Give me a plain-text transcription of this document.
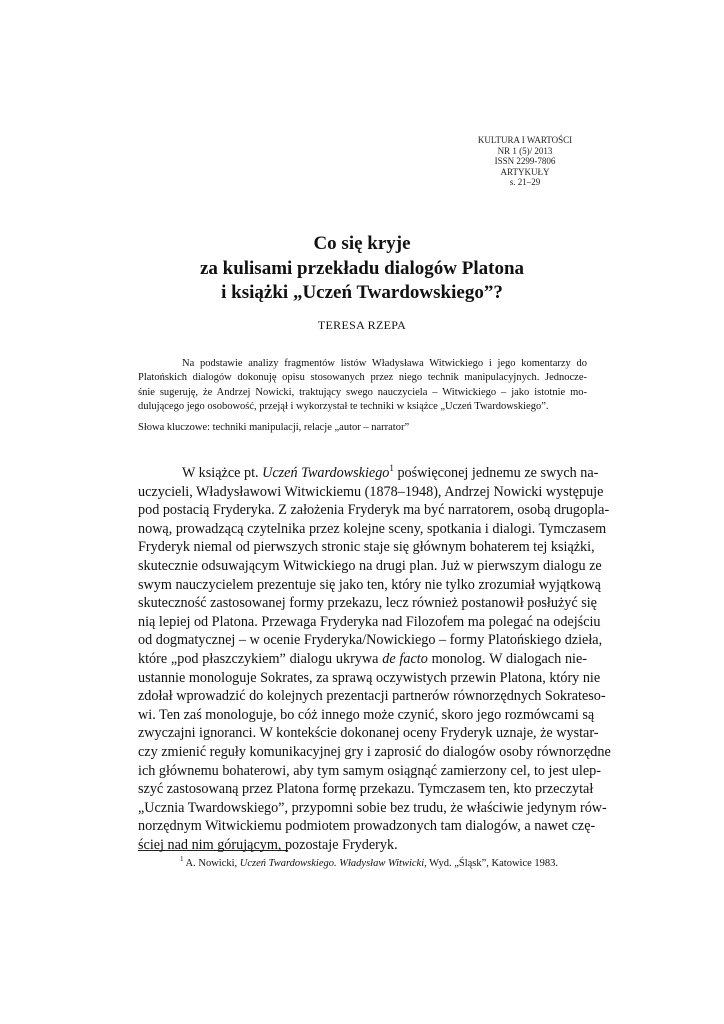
KULTURA I WARTOŚCI
NR 1 (5)/ 2013
ISSN 2299-7806
ARTYKUŁY
s. 21–29
Co się kryje
za kulisami przekładu dialogów Platona
i książki „Uczeń Twardowskiego”?
TERESA RZEPA
Na podstawie analizy fragmentów listów Władysława Witwickiego i jego komentarzy do
Platońskich dialogów dokonuję opisu stosowanych przez niego technik manipulacyjnych. Jednocze-
śnie sugeruję, że Andrzej Nowicki, traktujący swego nauczyciela – Witwickiego – jako istotnie mo-
dulującego jego osobowość, przejął i wykorzystał te techniki w książce „Uczeń Twardowskiego”.
Słowa kluczowe: techniki manipulacji, relacje „autor – narrator”
W książce pt. Uczeń Twardowskiego$^1$ poświęconej jednemu ze swych na-
uczycieli, Władysławowi Witwickiemu (1878–1948), Andrzej Nowicki występuje
pod postacią Fryderyka. Z założenia Fryderyk ma być narratorem, osobą drugopla-
nową, prowadzącą czytelnika przez kolejne sceny, spotkania i dialogi. Tymczasem
Fryderyk niemal od pierwszych stronic staje się głównym bohaterem tej książki,
skutecznie odsuwającym Witwickiego na drugi plan. Już w pierwszym dialogu ze
swym nauczycielem prezentuje się jako ten, który nie tylko zrozumiał wyjątkową
skuteczność zastosowanej formy przekazu, lecz również postanowił posłużyć się
nią lepiej od Platona. Przewaga Fryderyka nad Filozofem ma polegać na odejściu
od dogmatycznej – w ocenie Fryderyka/Nowickiego – formy Platońskiego dzieła,
które „pod płaszczykiem” dialogu ukrywa de facto monolog. W dialogach nie-
ustannie monologuje Sokrates, za sprawą oczywistych przewin Platona, który nie
zdołał wprowadzić do kolejnych prezentacji partnerów równorzędnych Sokrateso-
wi. Ten zaś monologuje, bo cóż innego może czynić, skoro jego rozmówcami są
zwyczajni ignoranci. W kontekście dokonanej oceny Fryderyk uznaje, że wystar-
czy zmienić reguły komunikacyjnej gry i zaprosić do dialogów osoby równorzędne
ich głównemu bohaterowi, aby tym samym osiągnąć zamierzony cel, to jest ulep-
szyć zastosowaną przez Platona formę przekazu. Tymczasem ten, kto przeczytał
„Ucznia Twardowskiego”, przypomni sobie bez trudu, że właściwie jedynym rów-
norzędnym Witwickiemu podmiotem prowadzonych tam dialogów, a nawet czę-
ściej nad nim górującym, pozostaje Fryderyk.
$^1$ A. Nowicki, Uczeń Twardowskiego. Władysław Witwicki, Wyd. „Śląsk”, Katowice 1983.
